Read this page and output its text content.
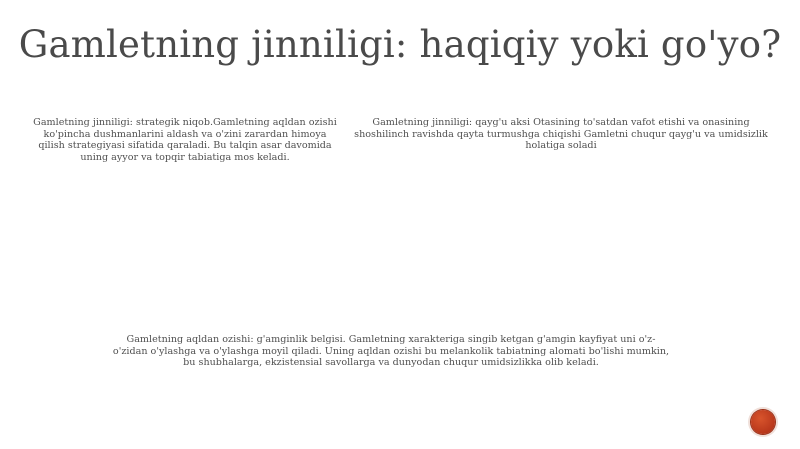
Gamletning jinniligi: haqiqiy yoki go'yo?
Gamletning jinniligi: strategik niqob.Gamletning aqldan ozishi ko'pincha dushmanlarini aldash va o'zini zarardan himoya qilish strategiyasi sifatida qaraladi. Bu talqin asar davomida uning ayyor va topqir tabiatiga mos keladi.
Gamletning jinniligi: qayg'u aksi Otasining to'satdan vafot etishi va onasining shoshilinch ravishda qayta turmushga chiqishi Gamletni chuqur qayg'u va umidsizlik holatiga soladi
Gamletning aqldan ozishi: g'amginlik belgisi. Gamletning xarakteriga singib ketgan g'amgin kayfiyat uni o'z-o'zidan o'ylashga va o'ylashga moyil qiladi. Uning aqldan ozishi bu melankolik tabiatning alomati bo'lishi mumkin, bu shubhalarga, ekzistensial savollarga va dunyodan chuqur umidsizlikka olib keladi.
